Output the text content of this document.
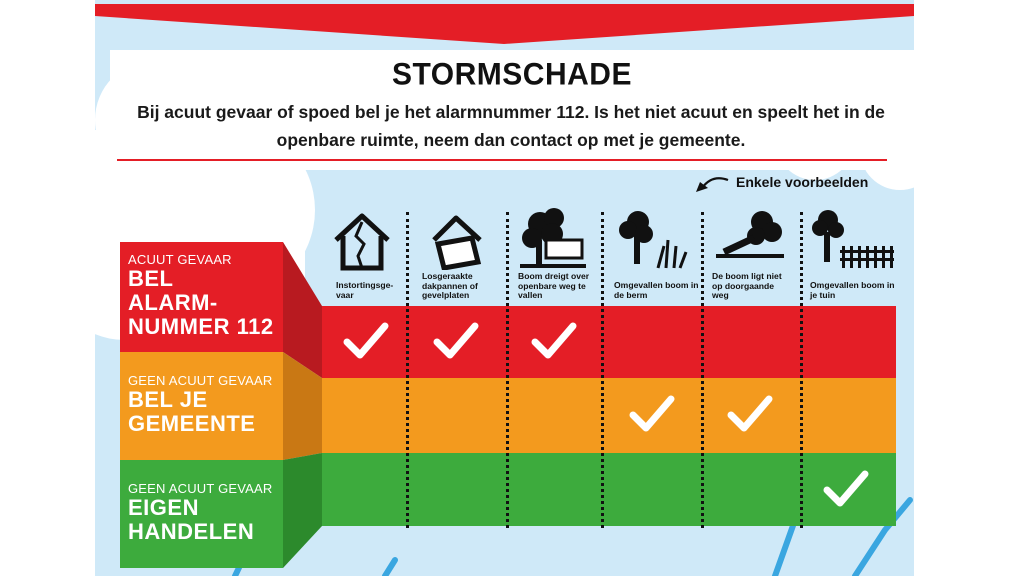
STORMSCHADE
Bij acuut gevaar of spoed bel je het alarmnummer 112. Is het niet acuut en speelt het in de openbare ruimte, neem dan contact op met je gemeente.
Enkele voorbeelden
Instortingsge-
vaar
Losgeraakte dakpannen of gevelplaten
Boom dreigt over openbare weg te vallen
Omgevallen boom in de berm
De boom ligt niet op doorgaande weg
Omgevallen boom in je tuin
ACUUT GEVAAR
BEL
ALARM-
NUMMER 112
GEEN ACUUT GEVAAR
BEL JE
GEMEENTE
GEEN ACUUT GEVAAR
EIGEN
HANDELEN
